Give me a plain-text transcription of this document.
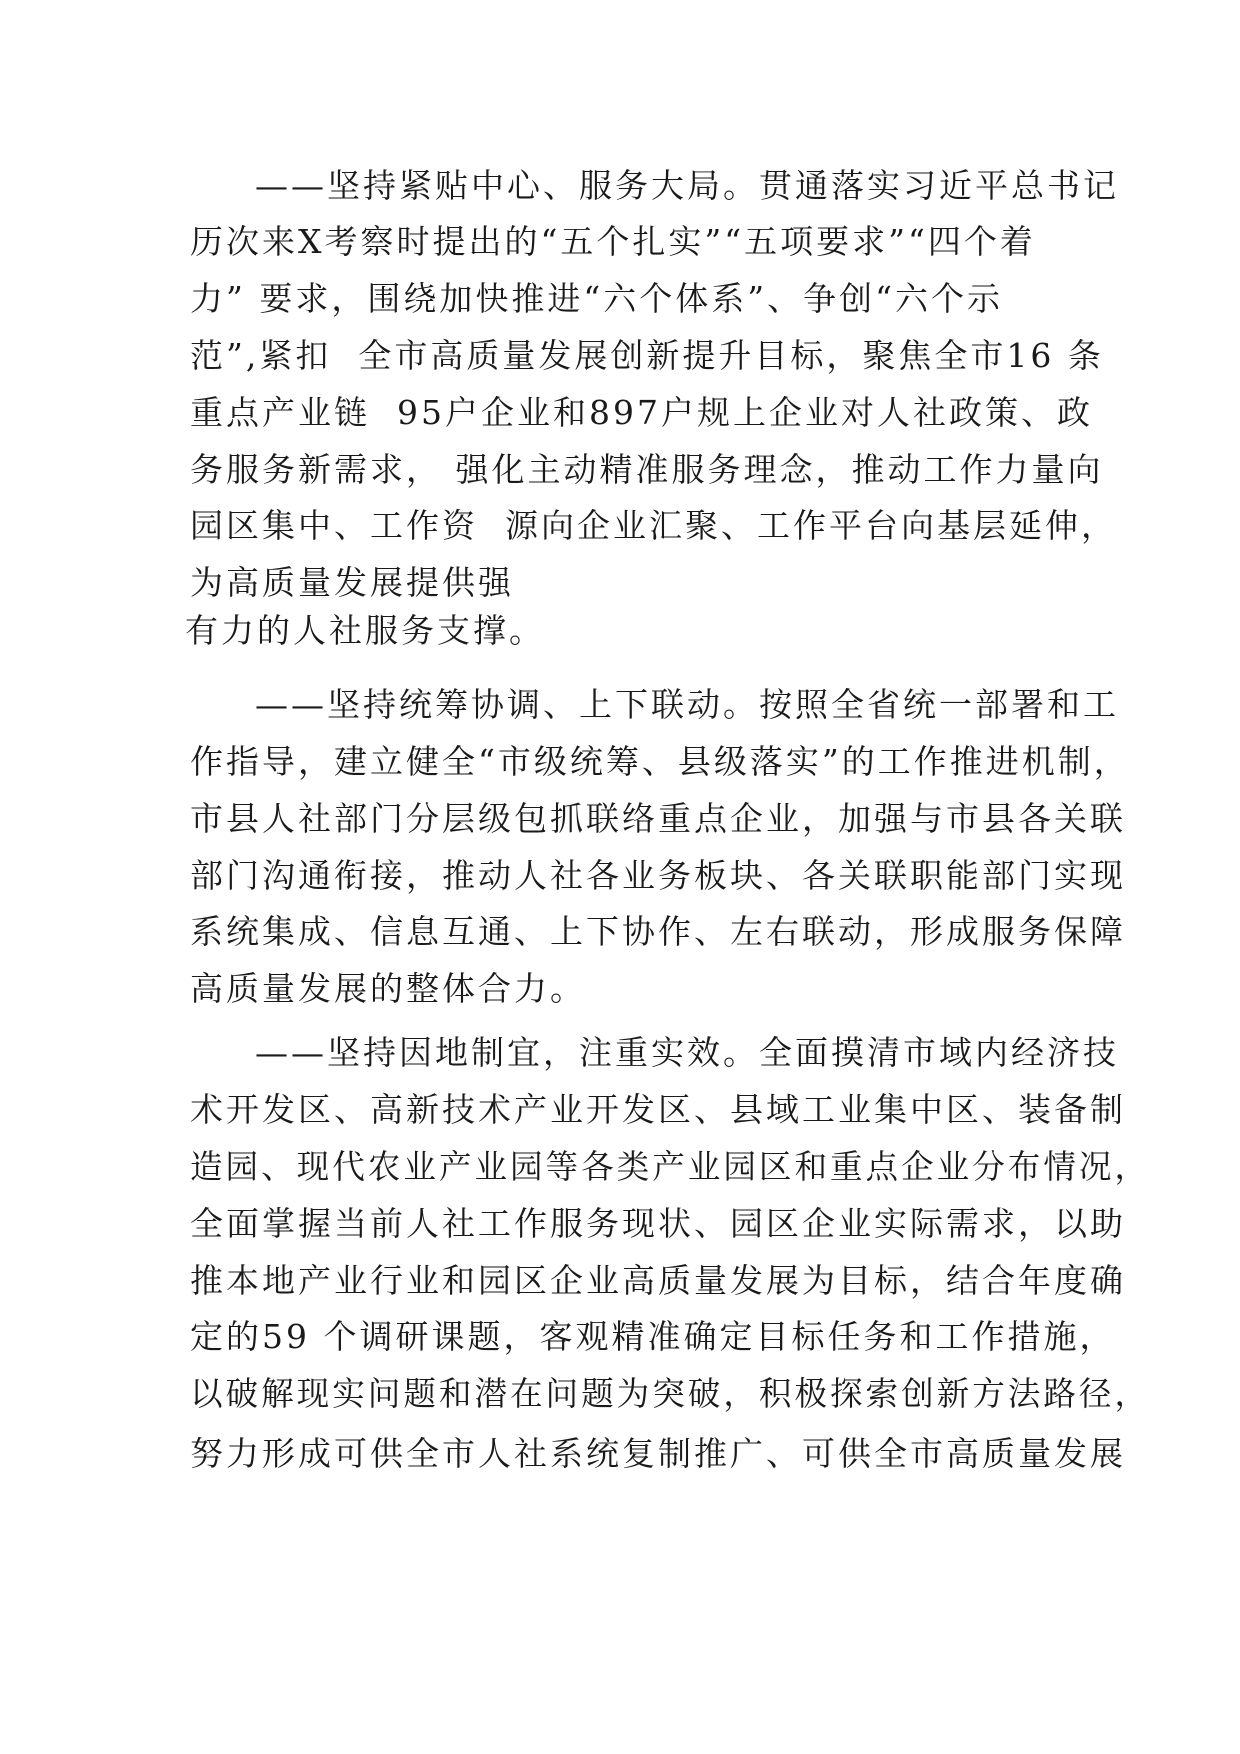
——坚持紧贴中心、服务大局。贯通落实习近平总书记
历次来X考察时提出的“五个扎实”“五项要求”“四个着
力” 要求，围绕加快推进“六个体系”、争创“六个示
范”,紧扣  全市高质量发展创新提升目标，聚焦全市16 条
重点产业链  95户企业和897户规上企业对人社政策、政
务服务新需求， 强化主动精准服务理念，推动工作力量向
园区集中、工作资  源向企业汇聚、工作平台向基层延伸，
为高质量发展提供强
有力的人社服务支撑。
——坚持统筹协调、上下联动。按照全省统一部署和工
作指导，建立健全“市级统筹、县级落实”的工作推进机制，
市县人社部门分层级包抓联络重点企业，加强与市县各关联
部门沟通衔接，推动人社各业务板块、各关联职能部门实现
系统集成、信息互通、上下协作、左右联动，形成服务保障
高质量发展的整体合力。
——坚持因地制宜，注重实效。全面摸清市域内经济技
术开发区、高新技术产业开发区、县域工业集中区、装备制
造园、现代农业产业园等各类产业园区和重点企业分布情况，
全面掌握当前人社工作服务现状、园区企业实际需求，以助
推本地产业行业和园区企业高质量发展为目标，结合年度确
定的59 个调研课题，客观精准确定目标任务和工作措施，
以破解现实问题和潜在问题为突破，积极探索创新方法路径，
努力形成可供全市人社系统复制推广、可供全市高质量发展
